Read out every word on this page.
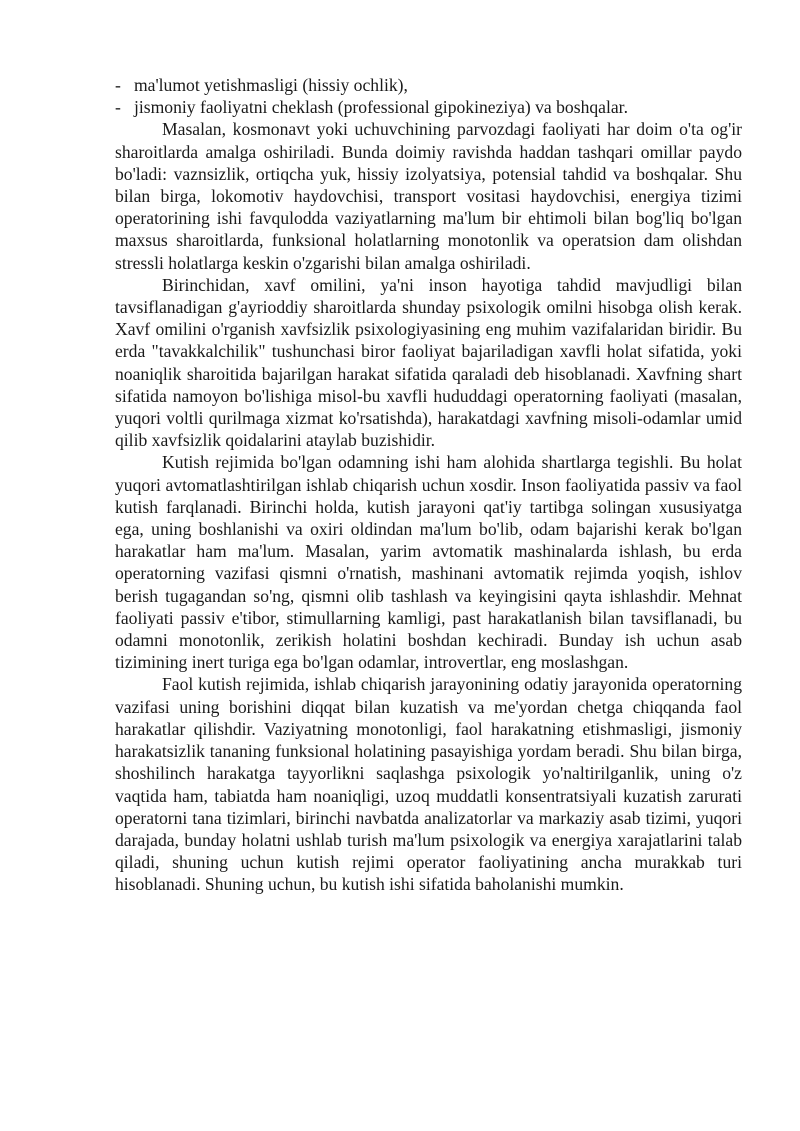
- ma'lumot yetishmasligi (hissiy ochlik),
- jismoniy faoliyatni cheklash (professional gipokineziya) va boshqalar.

Masalan, kosmonavt yoki uchuvchining parvozdagi faoliyati har doim o'ta og'ir sharoitlarda amalga oshiriladi. Bunda doimiy ravishda haddan tashqari omillar paydo bo'ladi: vaznsizlik, ortiqcha yuk, hissiy izolyatsiya, potensial tahdid va boshqalar. Shu bilan birga, lokomotiv haydovchisi, transport vositasi haydovchisi, energiya tizimi operatorining ishi favqulodda vaziyatlarning ma'lum bir ehtimoli bilan bog'liq bo'lgan maxsus sharoitlarda, funksional holatlarning monotonlik va operatsion dam olishdan stressli holatlarga keskin o'zgarishi bilan amalga oshiriladi.

Birinchidan, xavf omilini, ya'ni inson hayotiga tahdid mavjudligi bilan tavsiflanadigan g'ayrioddiy sharoitlarda shunday psixologik omilni hisobga olish kerak. Xavf omilini o'rganish xavfsizlik psixologiyasining eng muhim vazifalaridan biridir. Bu erda "tavakkalchilik" tushunchasi biror faoliyat bajariladigan xavfli holat sifatida, yoki noaniqlik sharoitida bajarilgan harakat sifatida qaraladi deb hisoblanadi. Xavfning shart sifatida namoyon bo'lishiga misol-bu xavfli hududdagi operatorning faoliyati (masalan, yuqori voltli qurilmaga xizmat ko'rsatishda), harakatdagi xavfning misoli-odamlar umid qilib xavfsizlik qoidalarini ataylab buzishidir.

Kutish rejimida bo'lgan odamning ishi ham alohida shartlarga tegishli. Bu holat yuqori avtomatlashtirilgan ishlab chiqarish uchun xosdir. Inson faoliyatida passiv va faol kutish farqlanadi. Birinchi holda, kutish jarayoni qat'iy tartibga solingan xususiyatga ega, uning boshlanishi va oxiri oldindan ma'lum bo'lib, odam bajarishi kerak bo'lgan harakatlar ham ma'lum. Masalan, yarim avtomatik mashinalarda ishlash, bu erda operatorning vazifasi qismni o'rnatish, mashinani avtomatik rejimda yoqish, ishlov berish tugagandan so'ng, qismni olib tashlash va keyingisini qayta ishlashdir. Mehnat faoliyati passiv e'tibor, stimullarning kamligi, past harakatlanish bilan tavsiflanadi, bu odamni monotonlik, zerikish holatini boshdan kechiradi. Bunday ish uchun asab tizimining inert turiga ega bo'lgan odamlar, introvertlar, eng moslashgan.

Faol kutish rejimida, ishlab chiqarish jarayonining odatiy jarayonida operatorning vazifasi uning borishini diqqat bilan kuzatish va me'yordan chetga chiqqanda faol harakatlar qilishdir. Vaziyatning monotonligi, faol harakatning etishmasligi, jismoniy harakatsizlik tananing funksional holatining pasayishiga yordam beradi. Shu bilan birga, shoshilinch harakatga tayyorlikni saqlashga psixologik yo'naltirilganlik, uning o'z vaqtida ham, tabiatda ham noaniqligi, uzoq muddatli konsentratsiyali kuzatish zarurati operatorni tana tizimlari, birinchi navbatda analizatorlar va markaziy asab tizimi, yuqori darajada, bunday holatni ushlab turish ma'lum psixologik va energiya xarajatlarini talab qiladi, shuning uchun kutish rejimi operator faoliyatining ancha murakkab turi hisoblanadi. Shuning uchun, bu kutish ishi sifatida baholanishi mumkin.
